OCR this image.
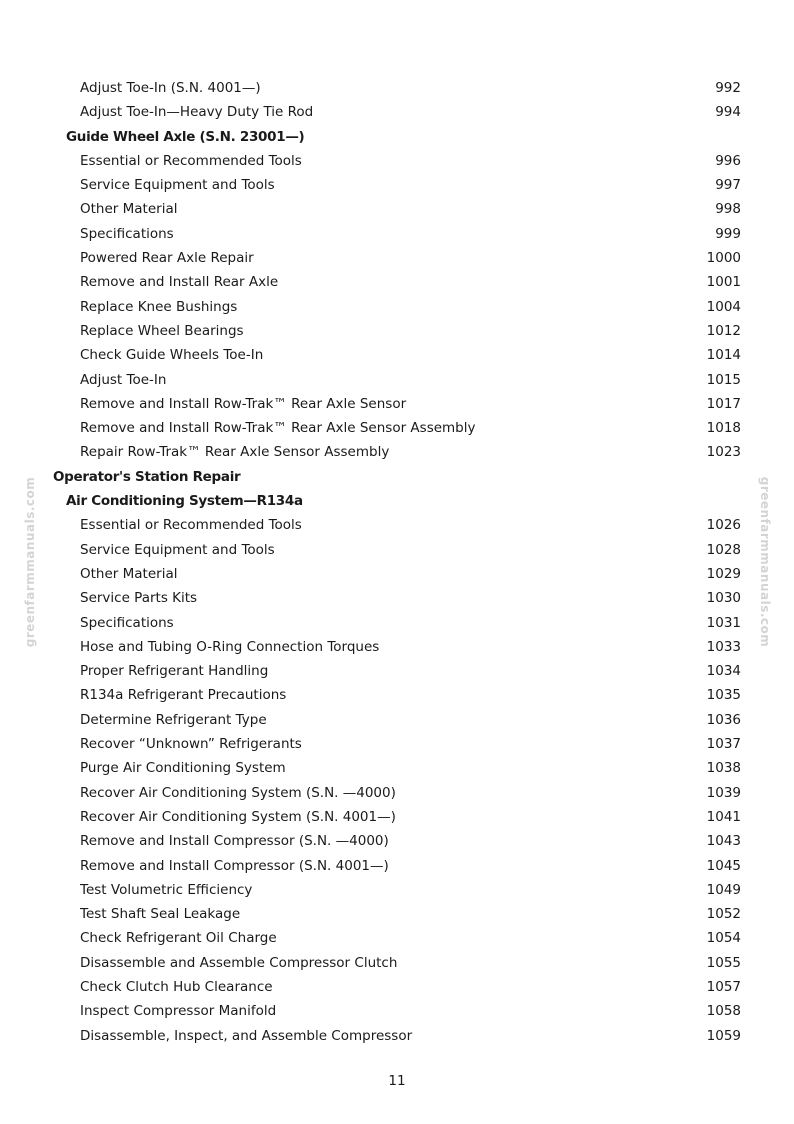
greenfarmmanuals.com	greenfarmmanuals.com
Adjust Toe-In (S.N. 4001—)	992
Adjust Toe-In—Heavy Duty Tie Rod	994
Guide Wheel Axle (S.N. 23001—)
Essential or Recommended Tools	996
Service Equipment and Tools	997
Other Material	998
Specifications	999
Powered Rear Axle Repair	1000
Remove and Install Rear Axle	1001
Replace Knee Bushings	1004
Replace Wheel Bearings	1012
Check Guide Wheels Toe-In	1014
Adjust Toe-In	1015
Remove and Install Row-Trak™ Rear Axle Sensor	1017
Remove and Install Row-Trak™ Rear Axle Sensor Assembly	1018
Repair Row-Trak™ Rear Axle Sensor Assembly	1023
Operator's Station Repair
Air Conditioning System—R134a
Essential or Recommended Tools	1026
Service Equipment and Tools	1028
Other Material	1029
Service Parts Kits	1030
Specifications	1031
Hose and Tubing O-Ring Connection Torques	1033
Proper Refrigerant Handling	1034
R134a Refrigerant Precautions	1035
Determine Refrigerant Type	1036
Recover “Unknown” Refrigerants	1037
Purge Air Conditioning System	1038
Recover Air Conditioning System (S.N. —4000)	1039
Recover Air Conditioning System (S.N. 4001—)	1041
Remove and Install Compressor (S.N. —4000)	1043
Remove and Install Compressor (S.N. 4001—)	1045
Test Volumetric Efficiency	1049
Test Shaft Seal Leakage	1052
Check Refrigerant Oil Charge	1054
Disassemble and Assemble Compressor Clutch	1055
Check Clutch Hub Clearance	1057
Inspect Compressor Manifold	1058
Disassemble, Inspect, and Assemble Compressor	1059
11
